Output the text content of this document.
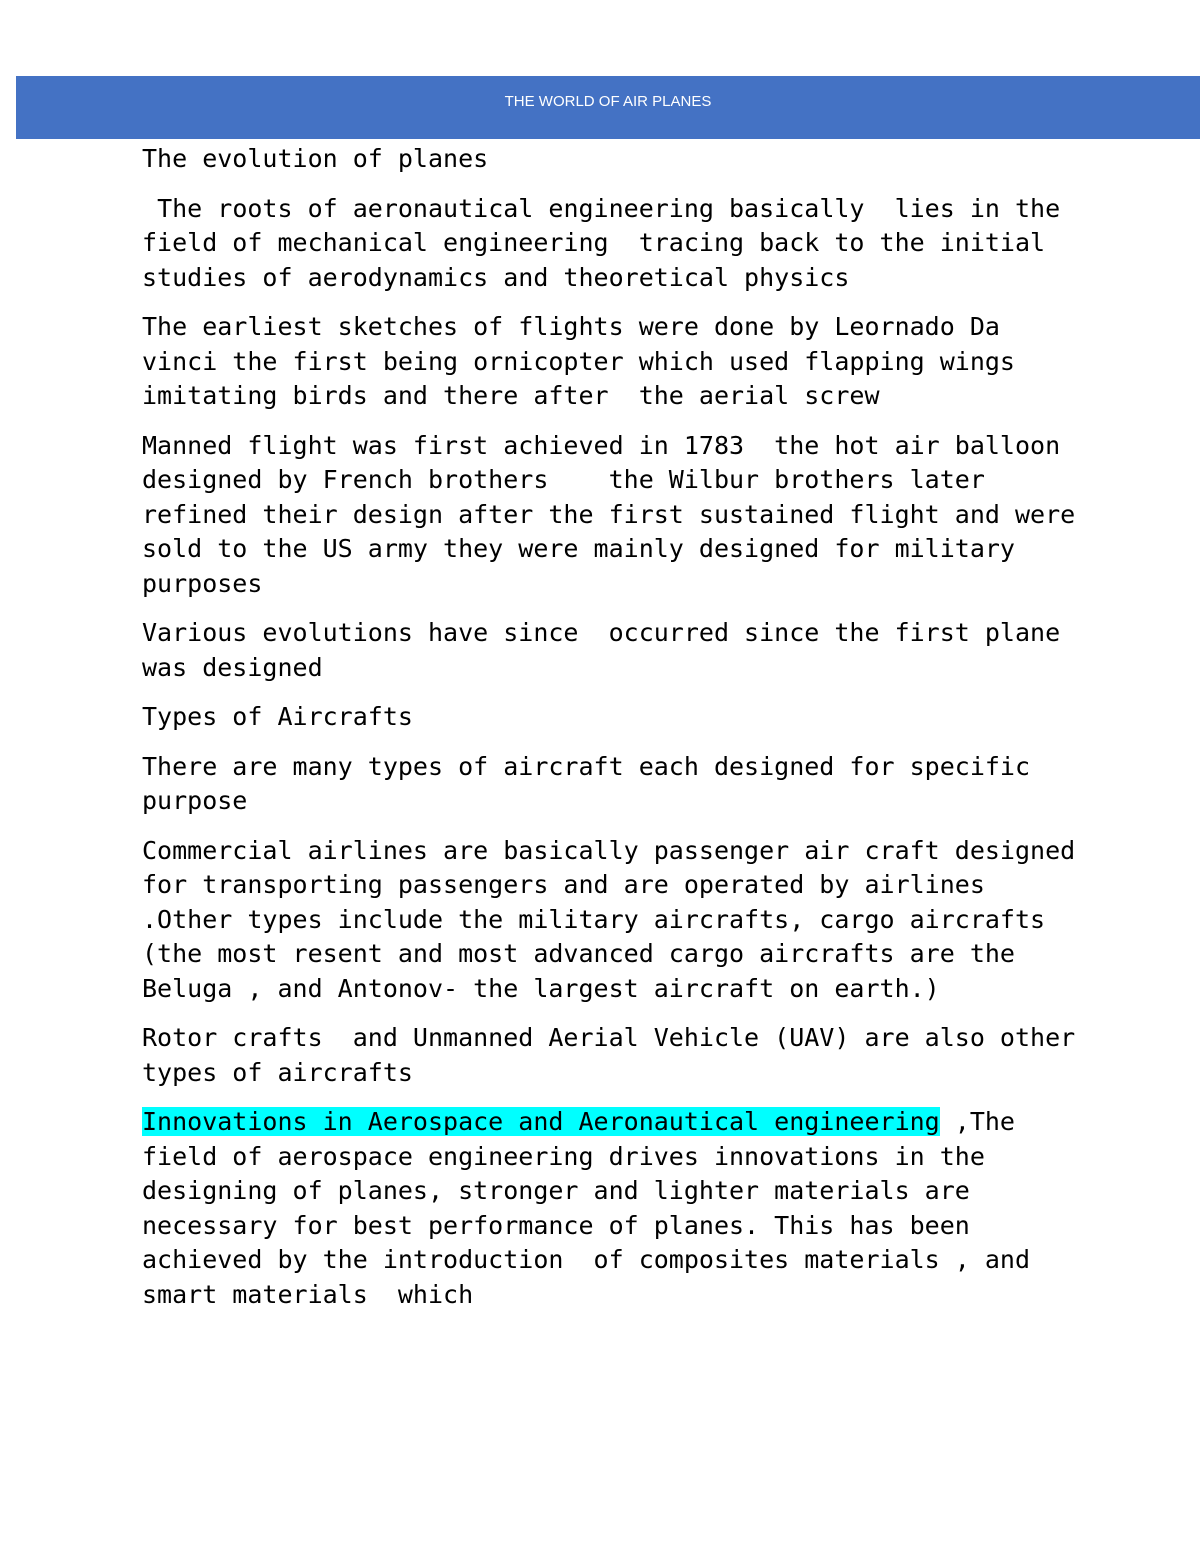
THE WORLD OF AIR PLANES

The evolution of planes

The roots of aeronautical engineering basically  lies in the field of mechanical engineering  tracing back to the initial studies of aerodynamics and theoretical physics

The earliest sketches of flights were done by Leornado Da vinci the first being ornicopter which used flapping wings imitating birds and there after  the aerial screw

Manned flight was first achieved in 1783  the hot air balloon designed by French brothers    the Wilbur brothers later refined their design after the first sustained flight and were sold to the US army they were mainly designed for military purposes

Various evolutions have since  occurred since the first plane was designed

Types of Aircrafts

There are many types of aircraft each designed for specific purpose

Commercial airlines are basically passenger air craft designed for transporting passengers and are operated by airlines .Other types include the military aircrafts, cargo aircrafts (the most resent and most advanced cargo aircrafts are the Beluga , and Antonov- the largest aircraft on earth.)

Rotor crafts  and Unmanned Aerial Vehicle (UAV) are also other types of aircrafts

Innovations in Aerospace and Aeronautical engineering ,The field of aerospace engineering drives innovations in the designing of planes, stronger and lighter materials are necessary for best performance of planes. This has been achieved by the introduction  of composites materials , and smart materials  which
